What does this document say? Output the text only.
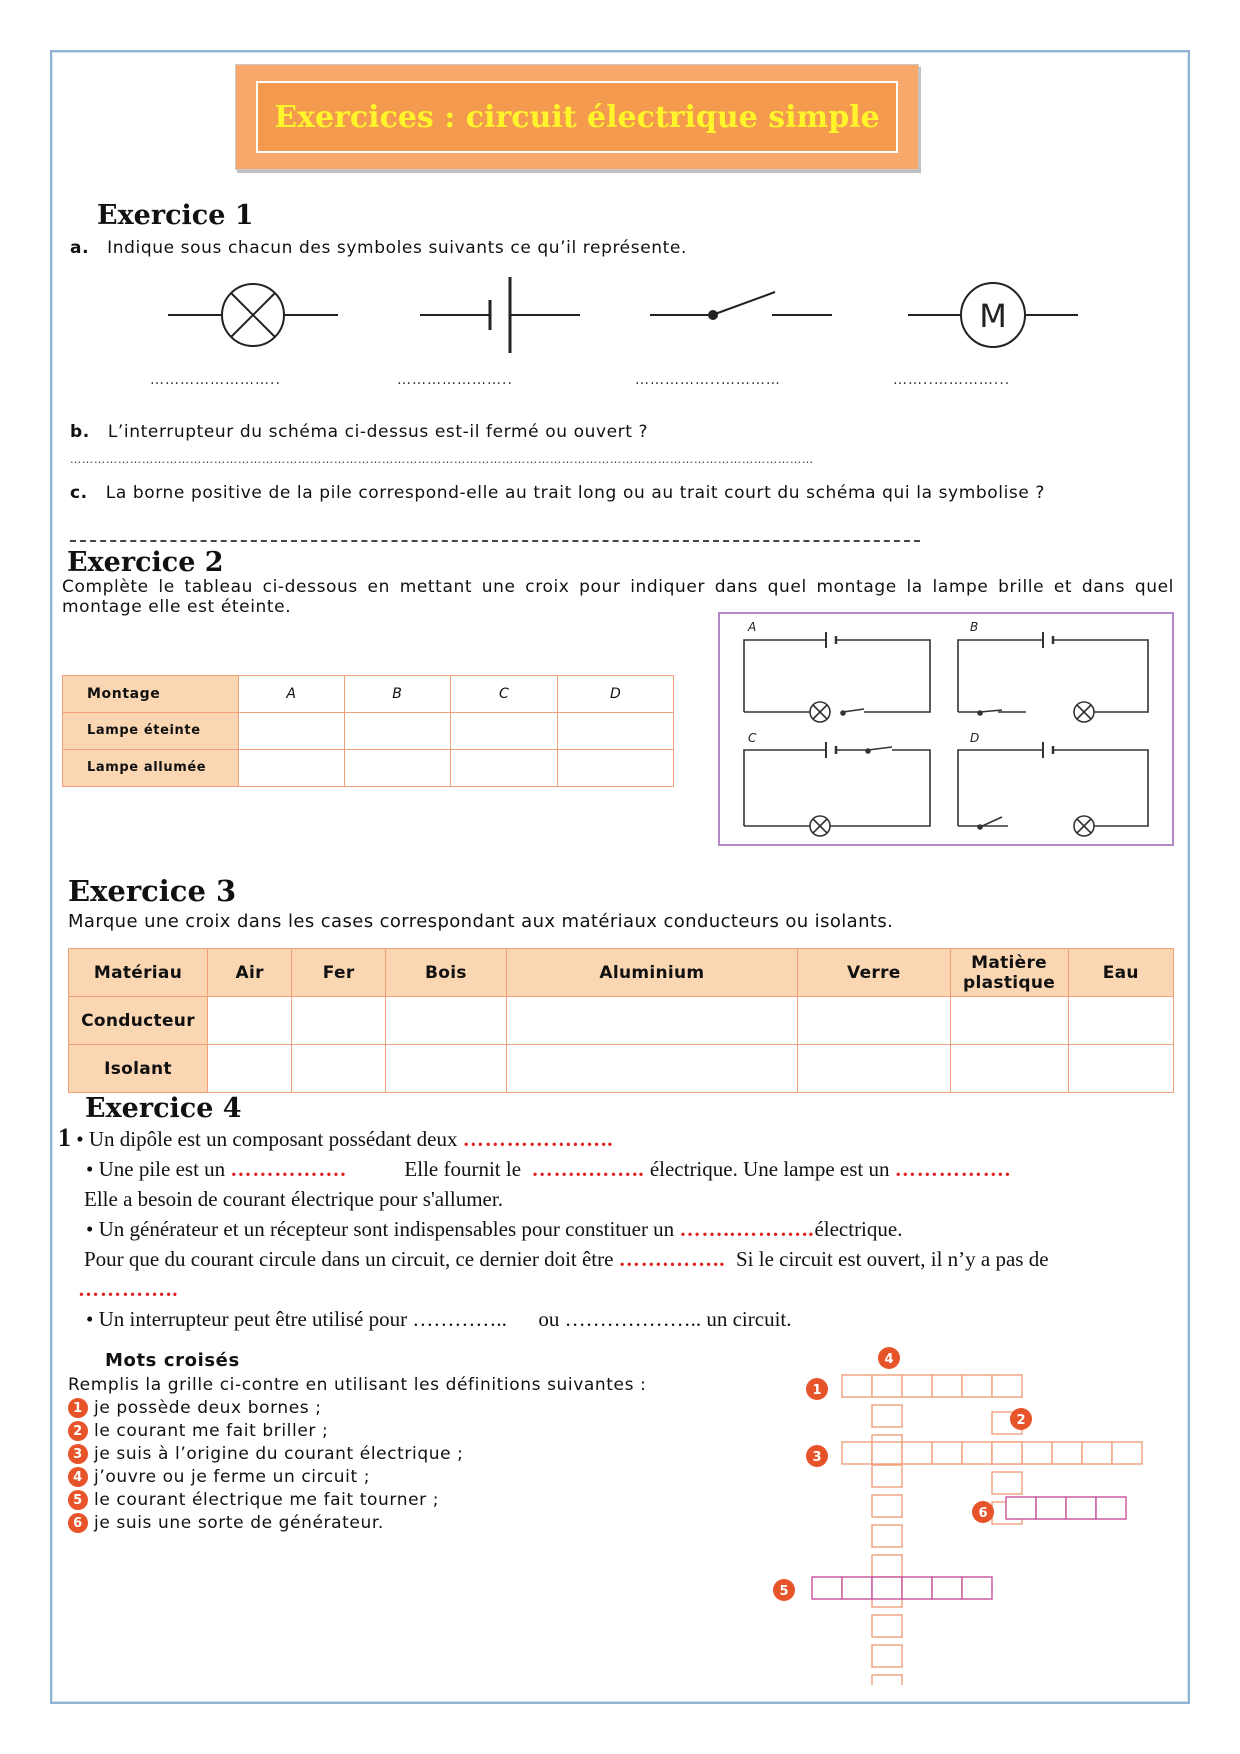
Exercices : circuit électrique simple
Exercice 1
a. Indique sous chacun des symboles suivants ce qu’il représente.
M
……………………..	…………………..	……………..…………	……..…………...
b. L’interrupteur du schéma ci-dessus est-il fermé ou ouvert ?
……………………………………………………………………………………………………………………………………………………………………
c. La borne positive de la pile correspond-elle au trait long ou au trait court du schéma qui la symbolise ?
Exercice 2
Complète le tableau ci-dessous en mettant une croix pour indiquer dans quel montage la lampe brille et dans quel montage elle est éteinte.
Montage	A	B	C	D
Lampe éteinte				
Lampe allumée				
A	B
C	D
Exercice 3
Marque une croix dans les cases correspondant aux matériaux conducteurs ou isolants.
Matériau	Air	Fer	Bois	Aluminium	Verre	Matière plastique	Eau
Conducteur							
Isolant							
Exercice 4
1 • Un dipôle est un composant possédant deux …………….…..
• Une pile est un …………….	Elle fournit le ……..…….. électrique. Une lampe est un …………….
Elle a besoin de courant électrique pour s'allumer.
• Un générateur et un récepteur sont indispensables pour constituer un ……..………..électrique.
Pour que du courant circule dans un circuit, ce dernier doit être …….…….. Si le circuit est ouvert, il n’y a pas de
…………..
• Un interrupteur peut être utilisé pour ………….. ou ……………….. un circuit.
Mots croisés
Remplis la grille ci-contre en utilisant les définitions suivantes :
1 je possède deux bornes ;
2 le courant me fait briller ;
3 je suis à l’origine du courant électrique ;
4 j’ouvre ou je ferme un circuit ;
5 le courant électrique me fait tourner ;
6 je suis une sorte de générateur.
4
1
2
3
6
5
